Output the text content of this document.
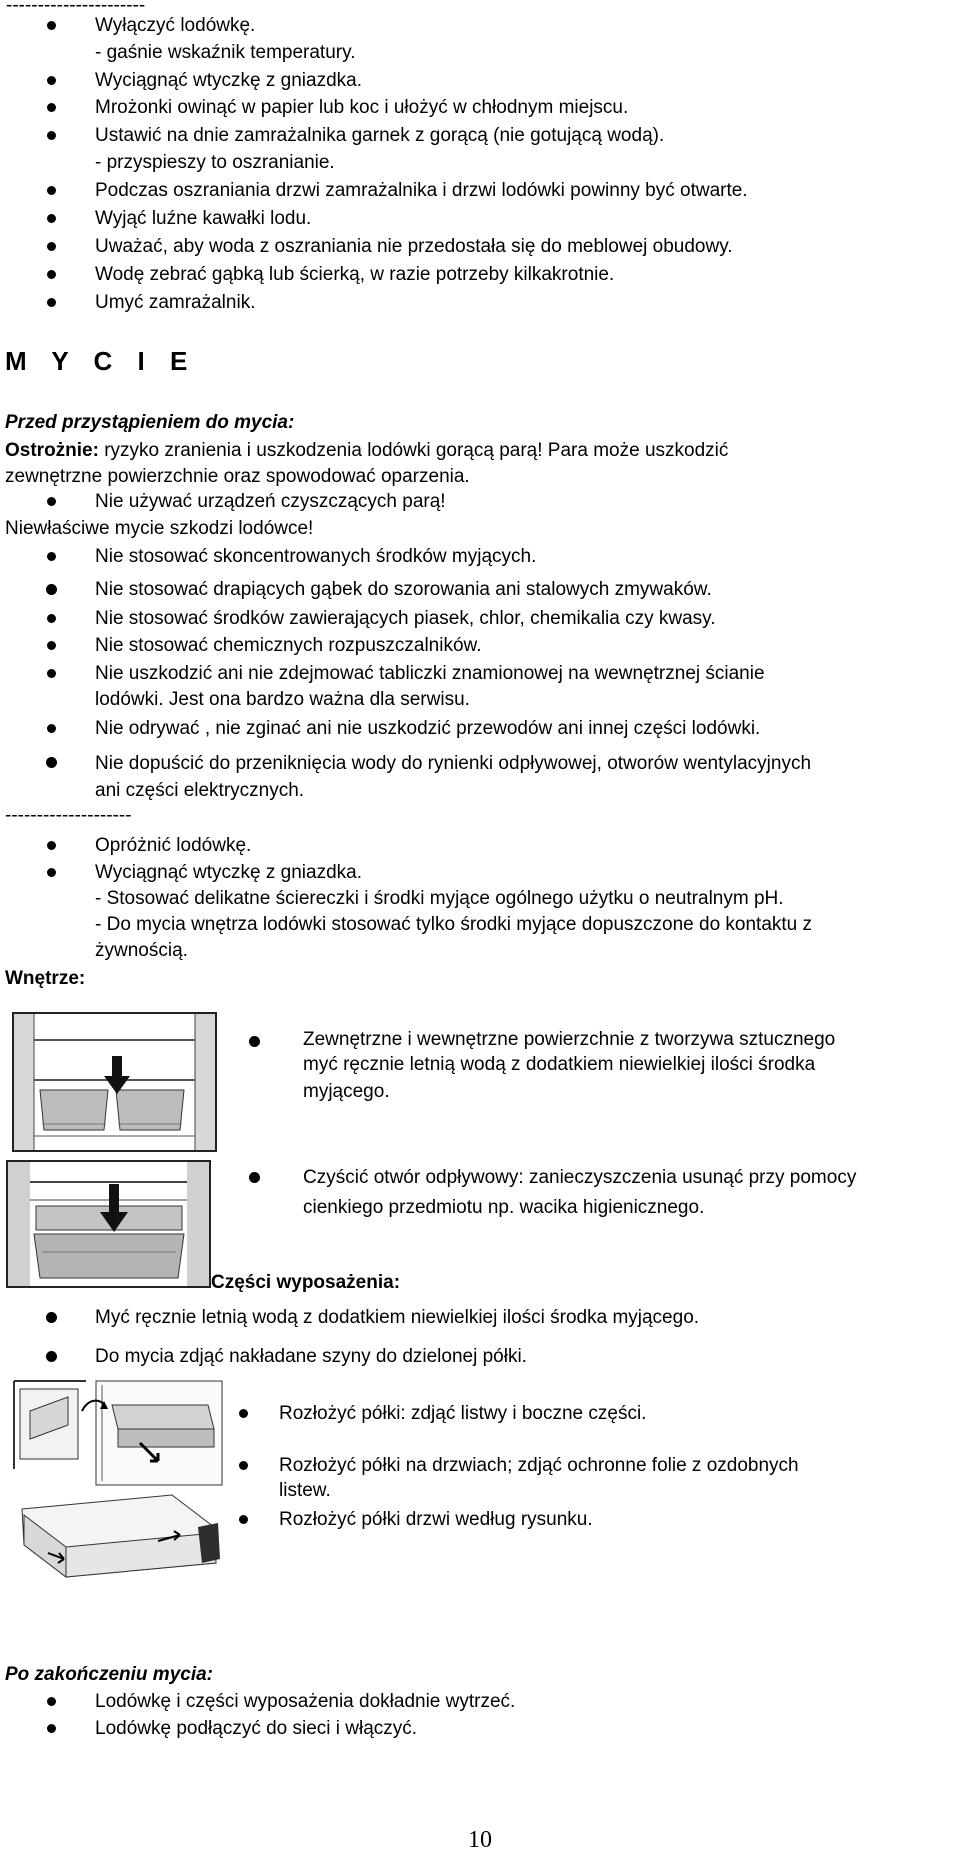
----------------------
Wyłączyć lodówkę.
- gaśnie wskaźnik temperatury.
Wyciągnąć wtyczkę z gniazdka.
Mrożonki owinąć w papier lub koc i ułożyć w chłodnym miejscu.
Ustawić na dnie zamrażalnika garnek z gorącą (nie gotującą wodą).
- przyspieszy to oszranianie.
Podczas oszraniania drzwi zamrażalnika i drzwi lodówki powinny być otwarte.
Wyjąć luźne kawałki lodu.
Uważać, aby woda z oszraniania nie przedostała się do meblowej obudowy.
Wodę zebrać gąbką lub ścierką, w razie potrzeby kilkakrotnie.
Umyć zamrażalnik.
M Y C I E
Przed przystąpieniem do mycia:
Ostrożnie: ryzyko zranienia i uszkodzenia lodówki gorącą parą! Para może uszkodzić
zewnętrzne powierzchnie oraz spowodować oparzenia.
Nie używać urządzeń czyszczących parą!
Niewłaściwe mycie szkodzi lodówce!
Nie stosować skoncentrowanych środków myjących.
Nie stosować drapiących gąbek do szorowania ani stalowych zmywaków.
Nie stosować środków zawierających piasek, chlor, chemikalia czy kwasy.
Nie stosować chemicznych rozpuszczalników.
Nie uszkodzić ani nie zdejmować tabliczki znamionowej na wewnętrznej ścianie
lodówki. Jest ona bardzo ważna dla serwisu.
Nie odrywać , nie zginać ani nie uszkodzić przewodów ani innej części lodówki.
Nie dopuścić do przeniknięcia wody do rynienki odpływowej, otworów wentylacyjnych
ani części elektrycznych.
--------------------
Opróżnić lodówkę.
Wyciągnąć wtyczkę z gniazdka.
- Stosować delikatne ściereczki i środki myjące ogólnego użytku o neutralnym pH.
- Do mycia wnętrza lodówki stosować tylko środki myjące dopuszczone do kontaktu z
żywnością.
Wnętrze:
Zewnętrzne i wewnętrzne powierzchnie z tworzywa sztucznego
myć ręcznie letnią wodą z dodatkiem niewielkiej ilości środka
myjącego.
Czyścić otwór odpływowy: zanieczyszczenia usunąć przy pomocy
cienkiego przedmiotu np. wacika higienicznego.
Części wyposażenia:
Myć ręcznie letnią wodą z dodatkiem niewielkiej ilości środka myjącego.
Do mycia zdjąć nakładane szyny do dzielonej półki.
Rozłożyć półki: zdjąć listwy i boczne części.
Rozłożyć półki na drzwiach; zdjąć ochronne folie z ozdobnych
listew.
Rozłożyć półki drzwi według rysunku.
Po zakończeniu mycia:
Lodówkę i części wyposażenia dokładnie wytrzeć.
Lodówkę podłączyć do sieci i włączyć.
10
